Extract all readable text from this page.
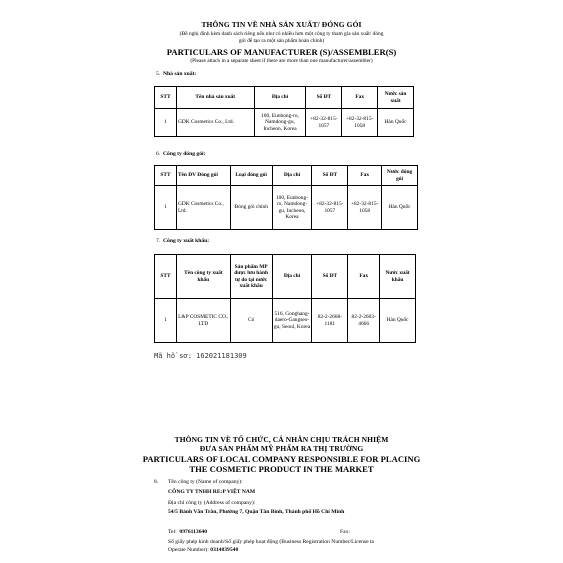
THÔNG TIN VỀ NHÀ SẢN XUẤT/ ĐÓNG GÓI
(Đề nghị đính kèm danh sách riêng nếu như có nhiều hơn một công ty tham gia sản xuất/ đóng
gói để tạo ra một sản phẩm hoàn chỉnh)
PARTICULARS OF MANUFACTURER (S)/ASSEMBLER(S)
(Please attach in a separate sheet if there are more than one manufacturer/assembler)
5. Nhà sản xuất:
STT	Tên nhà sản xuất	Địa chỉ	Số ĐT	Fax	Nước sản xuất
1	GDK Cosmetics Co., Ltd.	100, Eunbong-ro, Namdong-gu, Incheon, Korea	+82-32-815-1057	+82-32-815-1058	Hàn Quốc
6. Công ty đóng gói:
STT	Tên ĐV Đóng gói	Loại đóng gói	Địa chỉ	Số ĐT	Fax	Nước đóng gói
1	GDK Cosmetics Co., Ltd.	Đóng gói chính	100, Eunbong-ro, Namdong-gu, Incheon, Korea	+82-32-815-1057	+82-32-815-1058	Hàn Quốc
7. Công ty xuất khẩu:
STT	Tên công ty xuất khẩu	Sản phẩm MP được lưu hành tự do tại nước xuất khẩu	Địa chỉ	Số ĐT	Fax	Nước xuất khẩu
1	L&P COSMETIC CO., LTD	Có	516, Gonghang-daero-Gangseo-gu, Seoul, Korea	82-2-2668-1181	82-2-2603-4666	Hàn Quốc
Mã hồ sơ: 162021181309
THÔNG TIN VỀ TỔ CHỨC, CÁ NHÂN CHỊU TRÁCH NHIỆM
ĐƯA SẢN PHẨM MỸ PHẨM RA THỊ TRƯỜNG
PARTICULARS OF LOCAL COMPANY RESPONSIBLE FOR PLACING
THE COSMETIC PRODUCT IN THE MARKET
8. Tên công ty (Name of company):
CÔNG TY TNHH RE:P VIỆT NAM
Địa chỉ công ty (Address of company):
54/5 Bành Văn Trân, Phường 7, Quận Tân Bình, Thành phố Hồ Chí Minh
Tel: 0976113640	Fax:
Số giấy phép kinh doanh/Số giấy phép hoạt động (Business Registration Number/License to
Operate Number): 0314839540
